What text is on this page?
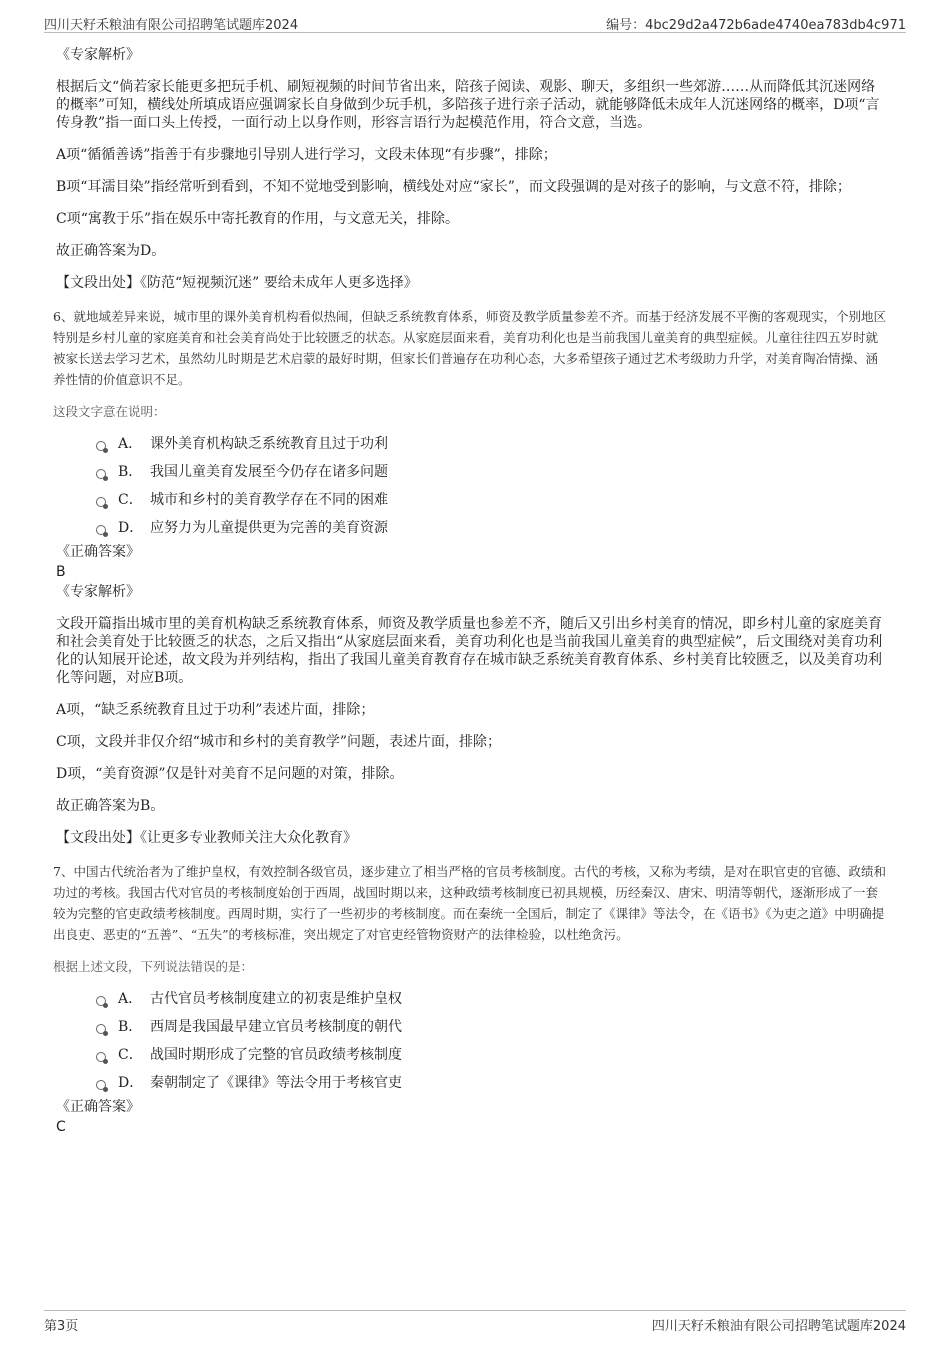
四川天籽禾粮油有限公司招聘笔试题库2024	编号：4bc29d2a472b6ade4740ea783db4c971

《专家解析》

根据后文“倘若家长能更多把玩手机、刷短视频的时间节省出来，陪孩子阅读、观影、聊天，多组织一些郊游……从而降低其沉迷网络的概率”可知，横线处所填成语应强调家长自身做到少玩手机，多陪孩子进行亲子活动，就能够降低未成年人沉迷网络的概率，D项“言传身教”指一面口头上传授，一面行动上以身作则，形容言语行为起模范作用，符合文意，当选。

A项“循循善诱”指善于有步骤地引导别人进行学习，文段未体现“有步骤”，排除；

B项“耳濡目染”指经常听到看到，不知不觉地受到影响，横线处对应“家长”，而文段强调的是对孩子的影响，与文意不符，排除；

C项“寓教于乐”指在娱乐中寄托教育的作用，与文意无关，排除。

故正确答案为D。

【文段出处】《防范“短视频沉迷” 要给未成年人更多选择》

6、就地域差异来说，城市里的课外美育机构看似热闹，但缺乏系统教育体系，师资及教学质量参差不齐。而基于经济发展不平衡的客观现实，个别地区特别是乡村儿童的家庭美育和社会美育尚处于比较匮乏的状态。从家庭层面来看，美育功利化也是当前我国儿童美育的典型症候。儿童往往四五岁时就被家长送去学习艺术，虽然幼儿时期是艺术启蒙的最好时期，但家长们普遍存在功利心态，大多希望孩子通过艺术考级助力升学，对美育陶冶情操、涵养性情的价值意识不足。

这段文字意在说明：

A． 课外美育机构缺乏系统教育且过于功利
B． 我国儿童美育发展至今仍存在诸多问题
C． 城市和乡村的美育教学存在不同的困难
D． 应努力为儿童提供更为完善的美育资源

《正确答案》

B

《专家解析》

文段开篇指出城市里的美育机构缺乏系统教育体系，师资及教学质量也参差不齐，随后又引出乡村美育的情况，即乡村儿童的家庭美育和社会美育处于比较匮乏的状态，之后又指出“从家庭层面来看，美育功利化也是当前我国儿童美育的典型症候”，后文围绕对美育功利化的认知展开论述，故文段为并列结构，指出了我国儿童美育教育存在城市缺乏系统美育教育体系、乡村美育比较匮乏，以及美育功利化等问题，对应B项。

A项，“缺乏系统教育且过于功利”表述片面，排除；

C项，文段并非仅介绍“城市和乡村的美育教学”问题，表述片面，排除；

D项，“美育资源”仅是针对美育不足问题的对策，排除。

故正确答案为B。

【文段出处】《让更多专业教师关注大众化教育》

7、中国古代统治者为了维护皇权，有效控制各级官员，逐步建立了相当严格的官员考核制度。古代的考核，又称为考绩，是对在职官吏的官德、政绩和功过的考核。我国古代对官员的考核制度始创于西周，战国时期以来，这种政绩考核制度已初具规模，历经秦汉、唐宋、明清等朝代，逐渐形成了一套较为完整的官吏政绩考核制度。西周时期，实行了一些初步的考核制度。而在秦统一全国后，制定了《课律》等法令，在《语书》《为吏之道》中明确提出良吏、恶吏的“五善”、“五失”的考核标准，突出规定了对官吏经管物资财产的法律检验，以杜绝贪污。

根据上述文段，下列说法错误的是：

A． 古代官员考核制度建立的初衷是维护皇权
B． 西周是我国最早建立官员考核制度的朝代
C． 战国时期形成了完整的官员政绩考核制度
D． 秦朝制定了《课律》等法令用于考核官吏

《正确答案》

C

第3页	四川天籽禾粮油有限公司招聘笔试题库2024
